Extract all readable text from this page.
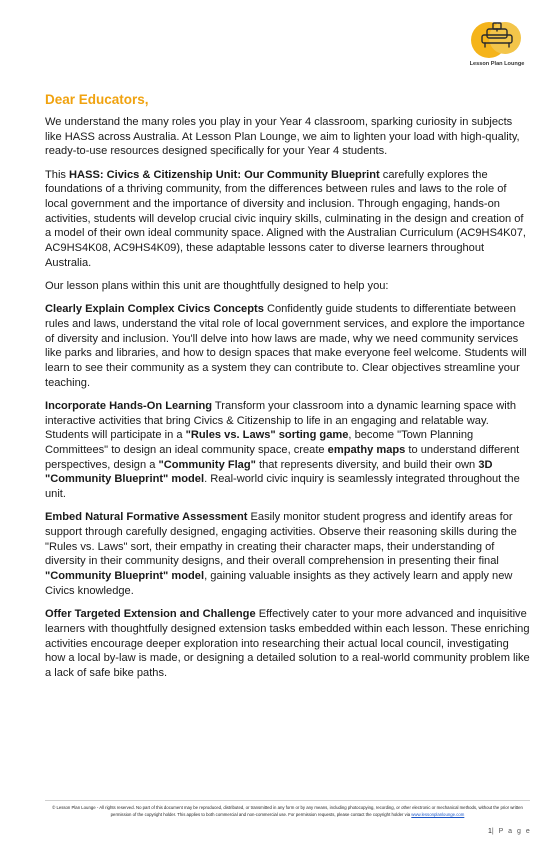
Lesson Plan Lounge

Dear Educators,

We understand the many roles you play in your Year 4 classroom, sparking curiosity in subjects like HASS across Australia. At Lesson Plan Lounge, we aim to lighten your load with high-quality, ready-to-use resources designed specifically for your Year 4 students.

This HASS: Civics & Citizenship Unit: Our Community Blueprint carefully explores the foundations of a thriving community, from the differences between rules and laws to the role of local government and the importance of diversity and inclusion. Through engaging, hands-on activities, students will develop crucial civic inquiry skills, culminating in the design and creation of a model of their own ideal community space. Aligned with the Australian Curriculum (AC9HS4K07, AC9HS4K08, AC9HS4K09), these adaptable lessons cater to diverse learners throughout Australia.

Our lesson plans within this unit are thoughtfully designed to help you:

Clearly Explain Complex Civics Concepts Confidently guide students to differentiate between rules and laws, understand the vital role of local government services, and explore the importance of diversity and inclusion. You'll delve into how laws are made, why we need community services like parks and libraries, and how to design spaces that make everyone feel welcome. Students will learn to see their community as a system they can contribute to. Clear objectives streamline your teaching.

Incorporate Hands-On Learning Transform your classroom into a dynamic learning space with interactive activities that bring Civics & Citizenship to life in an engaging and relatable way. Students will participate in a "Rules vs. Laws" sorting game, become "Town Planning Committees" to design an ideal community space, create empathy maps to understand different perspectives, design a "Community Flag" that represents diversity, and build their own 3D "Community Blueprint" model. Real-world civic inquiry is seamlessly integrated throughout the unit.

Embed Natural Formative Assessment Easily monitor student progress and identify areas for support through carefully designed, engaging activities. Observe their reasoning skills during the "Rules vs. Laws" sort, their empathy in creating their character maps, their understanding of diversity in their community designs, and their overall comprehension in presenting their final "Community Blueprint" model, gaining valuable insights as they actively learn and apply new Civics knowledge.

Offer Targeted Extension and Challenge Effectively cater to your more advanced and inquisitive learners with thoughtfully designed extension tasks embedded within each lesson. These enriching activities encourage deeper exploration into researching their actual local council, investigating how a local by-law is made, or designing a detailed solution to a real-world community problem like a lack of safe bike paths.

© Lesson Plan Lounge - All rights reserved. No part of this document may be reproduced, distributed, or transmitted in any form or by any means, including photocopying, recording, or other electronic or mechanical methods, without the prior written permission of the copyright holder. This applies to both commercial and non-commercial use. For permission requests, please contact the copyright holder via www.lessonplanlounge.com
1| P a g e
